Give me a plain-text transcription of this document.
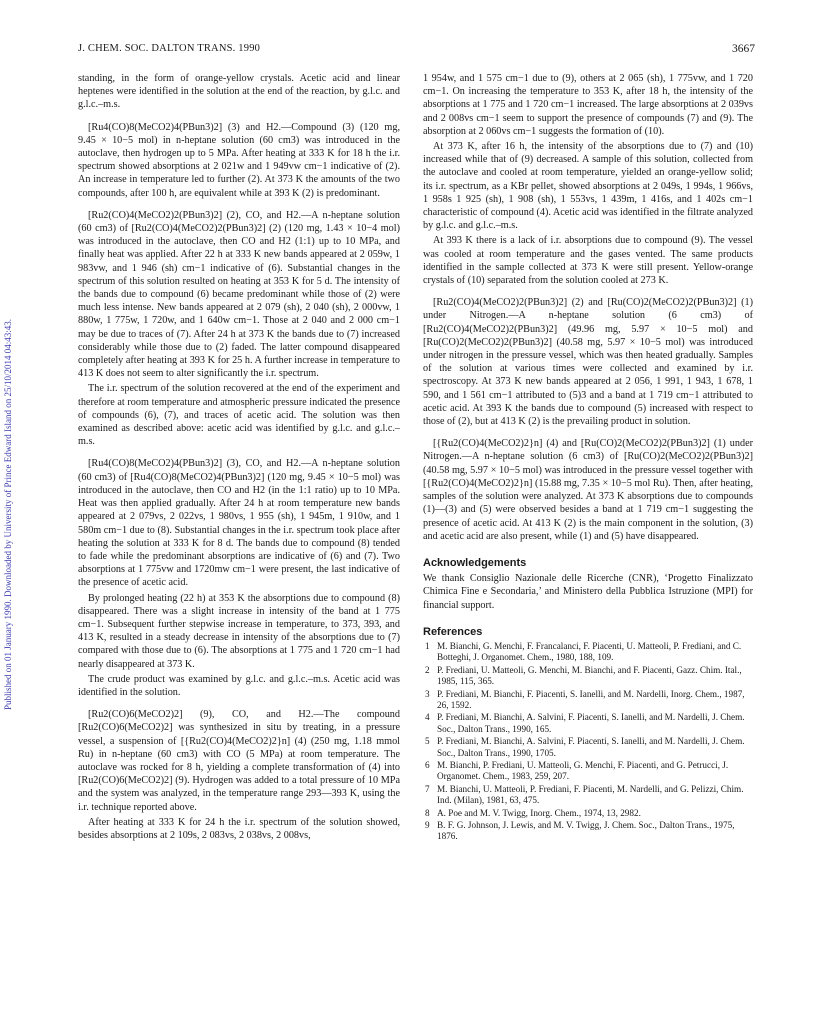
J. CHEM. SOC. DALTON TRANS. 1990	3667
Published on 01 January 1990. Downloaded by University of Prince Edward Island on 25/10/2014 04:43:43.

standing, in the form of orange-yellow crystals. Acetic acid and linear heptenes were identified in the solution at the end of the reaction, by g.l.c. and g.l.c.–m.s.

[Ru4(CO)8(MeCO2)4(PBun3)2] (3) and H2.—Compound (3) (120 mg, 9.45 × 10−5 mol) in n-heptane solution (60 cm3) was introduced in the autoclave, then hydrogen up to 5 MPa. After heating at 333 K for 18 h the i.r. spectrum showed absorptions at 2 021w and 1 949vw cm−1 indicative of (2). An increase in temperature led to further (2). At 373 K the amounts of the two compounds, after 100 h, are equivalent while at 393 K (2) is predominant.

[Ru2(CO)4(MeCO2)2(PBun3)2] (2), CO, and H2.—A n-heptane solution (60 cm3) of [Ru2(CO)4(MeCO2)2(PBun3)2] (2) (120 mg, 1.43 × 10−4 mol) was introduced in the autoclave, then CO and H2 (1:1) up to 10 MPa, and finally heat was applied. After 22 h at 333 K new bands appeared at 2 059w, 1 983vw, and 1 946 (sh) cm−1 indicative of (6). Substantial changes in the spectrum of this solution resulted on heating at 353 K for 5 d. The intensity of the bands due to compound (6) became predominant while those of (2) were much less intense. New bands appeared at 2 079 (sh), 2 040 (sh), 2 000vw, 1 880w, 1 775w, 1 720w, and 1 640w cm−1. Those at 2 040 and 2 000 cm−1 may be due to traces of (7). After 24 h at 373 K the bands due to (7) increased considerably while those due to (2) faded. The latter compound disappeared completely after heating at 393 K for 25 h. A further increase in temperature to 413 K does not seem to alter significantly the i.r. spectrum.

The i.r. spectrum of the solution recovered at the end of the experiment and therefore at room temperature and atmospheric pressure indicated the presence of compounds (6), (7), and traces of acetic acid. The solution was then examined as described above: acetic acid was identified by g.l.c. and g.l.c.–m.s.

[Ru4(CO)8(MeCO2)4(PBun3)2] (3), CO, and H2.—A n-heptane solution (60 cm3) of [Ru4(CO)8(MeCO2)4(PBun3)2] (120 mg, 9.45 × 10−5 mol) was introduced in the autoclave, then CO and H2 (in the 1:1 ratio) up to 10 MPa. Heat was then applied gradually. After 24 h at room temperature new bands appeared at 2 079vs, 2 022vs, 1 980vs, 1 955 (sh), 1 945m, 1 910w, and 1 580m cm−1 due to (8). Substantial changes in the i.r. spectrum took place after heating the solution at 333 K for 8 d. The bands due to compound (8) tended to fade while the predominant absorptions are indicative of (6) and (7). Two absorptions at 1 775vw and 1720mw cm−1 were present, the last indicative of the presence of acetic acid.

By prolonged heating (22 h) at 353 K the absorptions due to compound (8) disappeared. There was a slight increase in intensity of the band at 1 775 cm−1. Subsequent further stepwise increase in temperature, to 373, 393, and 413 K, resulted in a steady decrease in intensity of the absorptions due to (7) compared with those due to (6). The absorptions at 1 775 and 1 720 cm−1 had nearly disappeared at 373 K.

The crude product was examined by g.l.c. and g.l.c.–m.s. Acetic acid was identified in the solution.

[Ru2(CO)6(MeCO2)2] (9), CO, and H2.—The compound [Ru2(CO)6(MeCO2)2] was synthesized in situ by treating, in a pressure vessel, a suspension of [{Ru2(CO)4(MeCO2)2}n] (4) (250 mg, 1.18 mmol Ru) in n-heptane (60 cm3) with CO (5 MPa) at room temperature. The autoclave was rocked for 8 h, yielding a complete transformation of (4) into [Ru2(CO)6(MeCO2)2] (9). Hydrogen was added to a total pressure of 10 MPa and the system was analyzed, in the temperature range 293—393 K, using the i.r. technique reported above.

After heating at 333 K for 24 h the i.r. spectrum of the solution showed, besides absorptions at 2 109s, 2 083vs, 2 038vs, 2 008vs,

1 954w, and 1 575 cm−1 due to (9), others at 2 065 (sh), 1 775vw, and 1 720 cm−1. On increasing the temperature to 353 K, after 18 h, the intensity of the absorptions at 1 775 and 1 720 cm−1 increased. The large absorptions at 2 039vs and 2 008vs cm−1 seem to support the presence of compounds (7) and (9). The absorption at 2 060vs cm−1 suggests the formation of (10).

At 373 K, after 16 h, the intensity of the absorptions due to (7) and (10) increased while that of (9) decreased. A sample of this solution, collected from the autoclave and cooled at room temperature, yielded an orange-yellow solid; its i.r. spectrum, as a KBr pellet, showed absorptions at 2 049s, 1 994s, 1 966vs, 1 958s 1 925 (sh), 1 908 (sh), 1 553vs, 1 439m, 1 416s, and 1 402s cm−1 characteristic of compound (4). Acetic acid was identified in the filtrate analyzed by g.l.c. and g.l.c.–m.s.

At 393 K there is a lack of i.r. absorptions due to compound (9). The vessel was cooled at room temperature and the gases vented. The same products identified in the sample collected at 373 K were still present. Yellow-orange crystals of (10) separated from the solution cooled at 273 K.

[Ru2(CO)4(MeCO2)2(PBun3)2] (2) and [Ru(CO)2(MeCO2)2(PBun3)2] (1) under Nitrogen.—A n-heptane solution (6 cm3) of [Ru2(CO)4(MeCO2)2(PBun3)2] (49.96 mg, 5.97 × 10−5 mol) and [Ru(CO)2(MeCO2)2(PBun3)2] (40.58 mg, 5.97 × 10−5 mol) was introduced under nitrogen in the pressure vessel, which was then heated gradually. Samples of the solution at various times were collected and examined by i.r. spectroscopy. At 373 K new bands appeared at 2 056, 1 991, 1 943, 1 678, 1 590, and 1 561 cm−1 attributed to (5)3 and a band at 1 719 cm−1 attributed to acetic acid. At 393 K the bands due to compound (5) increased with respect to those of (2), but at 413 K (2) is the prevailing product in solution.

[{Ru2(CO)4(MeCO2)2}n] (4) and [Ru(CO)2(MeCO2)2(PBun3)2] (1) under Nitrogen.—A n-heptane solution (6 cm3) of [Ru(CO)2(MeCO2)2(PBun3)2] (40.58 mg, 5.97 × 10−5 mol) was introduced in the pressure vessel together with [{Ru2(CO)4(MeCO2)2}n] (15.88 mg, 7.35 × 10−5 mol Ru). Then, after heating, samples of the solution were analyzed. At 373 K absorptions due to compounds (1)—(3) and (5) were observed besides a band at 1 719 cm−1 suggesting the presence of acetic acid. At 413 K (2) is the main component in the solution, (3) and acetic acid are also present, while (1) and (5) have disappeared.

Acknowledgements

We thank Consiglio Nazionale delle Ricerche (CNR), ‘Progetto Finalizzato Chimica Fine e Secondaria,’ and Ministero della Pubblica Istruzione (MPI) for financial support.

References
1 M. Bianchi, G. Menchi, F. Francalanci, F. Piacenti, U. Matteoli, P. Frediani, and C. Botteghi, J. Organomet. Chem., 1980, 188, 109.
2 P. Frediani, U. Matteoli, G. Menchi, M. Bianchi, and F. Piacenti, Gazz. Chim. Ital., 1985, 115, 365.
3 P. Frediani, M. Bianchi, F. Piacenti, S. Ianelli, and M. Nardelli, Inorg. Chem., 1987, 26, 1592.
4 P. Frediani, M. Bianchi, A. Salvini, F. Piacenti, S. Ianelli, and M. Nardelli, J. Chem. Soc., Dalton Trans., 1990, 165.
5 P. Frediani, M. Bianchi, A. Salvini, F. Piacenti, S. Ianelli, and M. Nardelli, J. Chem. Soc., Dalton Trans., 1990, 1705.
6 M. Bianchi, P. Frediani, U. Matteoli, G. Menchi, F. Piacenti, and G. Petrucci, J. Organomet. Chem., 1983, 259, 207.
7 M. Bianchi, U. Matteoli, P. Frediani, F. Piacenti, M. Nardelli, and G. Pelizzi, Chim. Ind. (Milan), 1981, 63, 475.
8 A. Poe and M. V. Twigg, Inorg. Chem., 1974, 13, 2982.
9 B. F. G. Johnson, J. Lewis, and M. V. Twigg, J. Chem. Soc., Dalton Trans., 1975, 1876.
